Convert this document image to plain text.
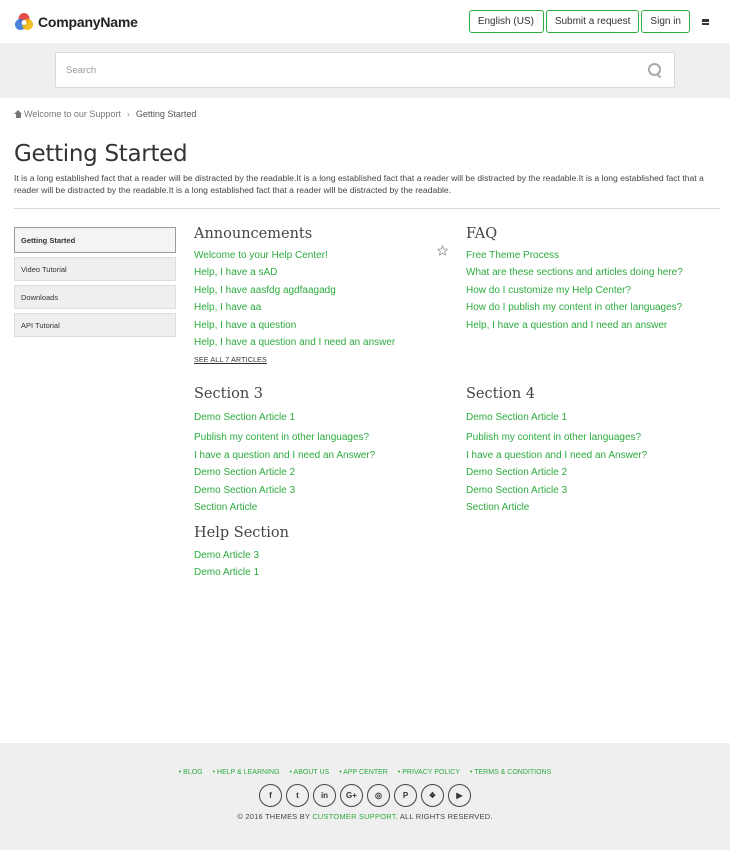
CompanyName	English (US)	Submit a request	Sign in
Search
Welcome to our Support › Getting Started
Getting Started

It is a long established fact that a reader will be distracted by the readable.It is a long established fact that a reader will be distracted by the readable.It is a long established fact that a reader will be distracted by the readable.It is a long established fact that a reader will be distracted by the readable.

Getting Started
Video Tutorial
Downloads
API Tutorial
Announcements
Welcome to your Help Center!
Help, I have a sAD
Help, I have aasfdg agdfaagadg
Help, I have aa
Help, I have a question
Help, I have a question and I need an answer
SEE ALL 7 ARTICLES
FAQ
Free Theme Process
What are these sections and articles doing here?
How do I customize my Help Center?
How do I publish my content in other languages?
Help, I have a question and I need an answer
Section 3
Demo Section Article 1
Publish my content in other languages?
I have a question and I need an Answer?
Demo Section Article 2
Demo Section Article 3
Section Article
Section 4
Demo Section Article 1
Publish my content in other languages?
I have a question and I need an Answer?
Demo Section Article 2
Demo Section Article 3
Section Article
Help Section
Demo Article 3
Demo Article 1
• BLOG	• HELP & LEARNING	• ABOUT US	• APP CENTER	• PRIVACY POLICY	• TERMS & CONDITIONS
f	t	in	G+	◎	P	❖	▶
© 2016 THEMES BY CUSTOMER SUPPORT. ALL RIGHTS RESERVED.
